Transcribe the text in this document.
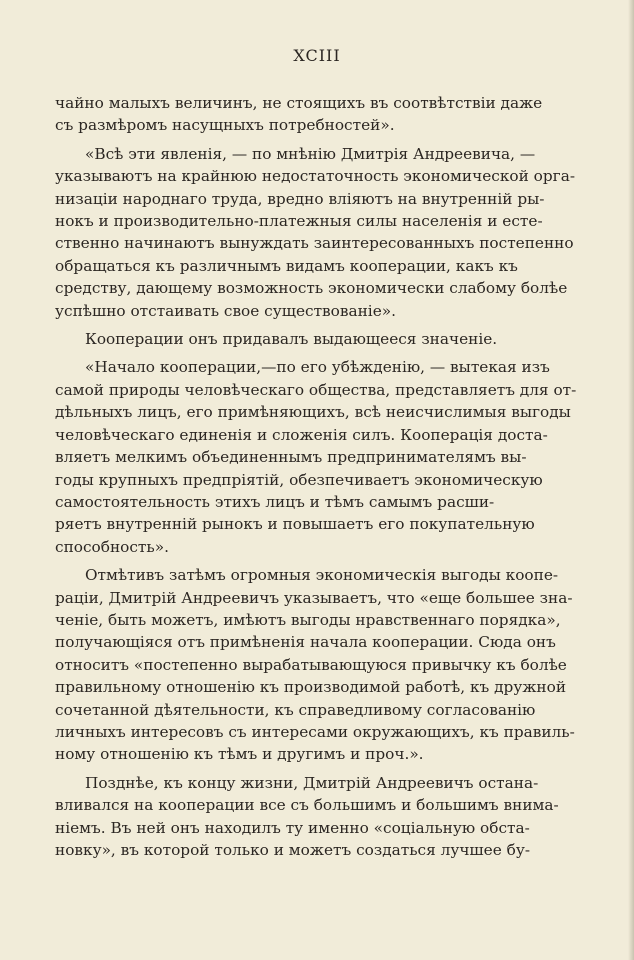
XCIII

чайно малыхъ величинъ, не стоящихъ въ соотвѣтствіи даже
съ размѣромъ насущныхъ потребностей».

«Всѣ эти явленія, — по мнѣнію Дмитрія Андреевича, —
указываютъ на крайнюю недостаточность экономической орга-
низаціи народнаго труда, вредно вліяютъ на внутренній ры-
нокъ и производительно-платежныя силы населенія и есте-
ственно начинаютъ вынуждать заинтересованныхъ постепенно
обращаться къ различнымъ видамъ кооперации, какъ къ
средству, дающему возможность экономически слабому болѣе
успѣшно отстаивать свое существованіе».

Кооперации онъ придавалъ выдающееся значеніе.

«Начало кооперации,—по его убѣжденію, — вытекая изъ
самой природы человѣческаго общества, представляетъ для от-
дѣльныхъ лицъ, его примѣняющихъ, всѣ неисчислимыя выгоды
человѣческаго единенія и сложенія силъ. Кооперація доста-
вляетъ мелкимъ объединеннымъ предпринимателямъ вы-
годы крупныхъ предпріятій, обезпечиваетъ экономическую
самостоятельность этихъ лицъ и тѣмъ самымъ расши-
ряетъ внутренній рынокъ и повышаетъ его покупательную
способность».

Отмѣтивъ затѣмъ огромныя экономическія выгоды коопе-
раціи, Дмитрій Андреевичъ указываетъ, что «еще большее зна-
ченіе, быть можетъ, имѣютъ выгоды нравственнаго порядка»,
получающіяся отъ примѣненія начала кооперации. Сюда онъ
относитъ «постепенно вырабатывающуюся привычку къ болѣе
правильному отношенію къ производимой работѣ, къ дружной
сочетанной дѣятельности, къ справедливому согласованію
личныхъ интересовъ съ интересами окружающихъ, къ правиль-
ному отношенію къ тѣмъ и другимъ и проч.».

Позднѣе, къ концу жизни, Дмитрій Андреевичъ остана-
вливался на кооперации все съ большимъ и большимъ внима-
ніемъ. Въ ней онъ находилъ ту именно «соціальную обста-
новку», въ которой только и можетъ создаться лучшее бу-
